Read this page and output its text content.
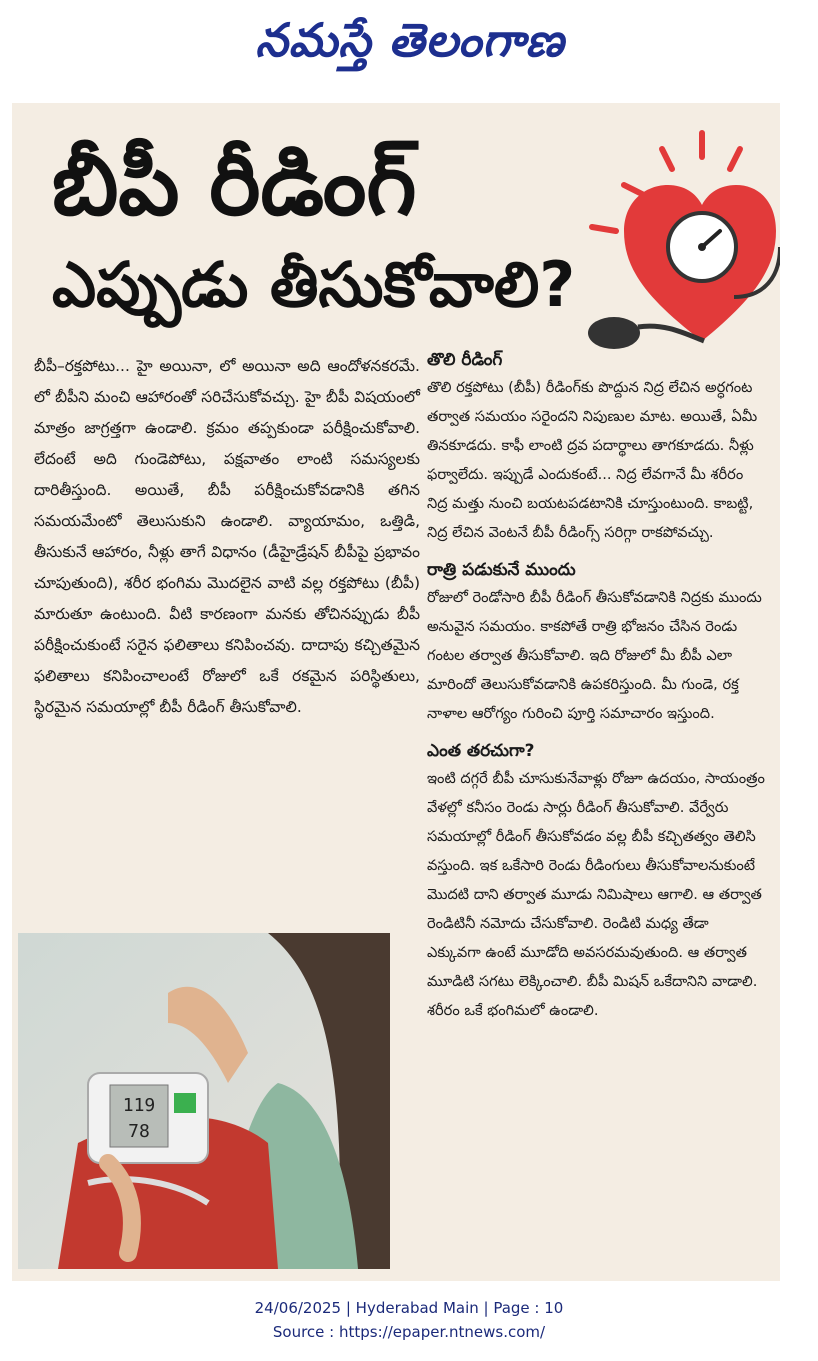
నమస్తే తెలంగాణ
బీపీ రీడింగ్
ఎప్పుడు తీసుకోవాలి?

బీపీ–రక్తపోటు... హై అయినా, లో అయినా అది ఆందోళనకరమే. లో బీపీని మంచి ఆహారంతో సరిచేసుకోవచ్చు. హై బీపీ విషయంలో మాత్రం జాగ్రత్తగా ఉండాలి. క్రమం తప్పకుండా పరీక్షించుకోవాలి. లేదంటే అది గుండెపోటు, పక్షవాతం లాంటి సమస్యలకు దారితీస్తుంది. అయితే, బీపీ పరీక్షించుకోవడానికి తగిన సమయమేంటో తెలుసుకుని ఉండాలి. వ్యాయామం, ఒత్తిడి, తీసుకునే ఆహారం, నీళ్లు తాగే విధానం (డీహైడ్రేషన్ బీపీపై ప్రభావం చూపుతుంది), శరీర భంగిమ మొదలైన వాటి వల్ల రక్తపోటు (బీపీ) మారుతూ ఉంటుంది. వీటి కారణంగా మనకు తోచినప్పుడు బీపీ పరీక్షించుకుంటే సరైన ఫలితాలు కనిపించవు. దాదాపు కచ్చితమైన ఫలితాలు కనిపించాలంటే రోజులో ఒకే రకమైన పరిస్థితులు, స్థిరమైన సమయాల్లో బీపీ రీడింగ్ తీసుకోవాలి.

119
78
తొలి రీడింగ్

తొలి రక్తపోటు (బీపీ) రీడింగ్‌కు పొద్దున నిద్ర లేచిన అర్ధగంట తర్వాత సమయం సరైందని నిపుణుల మాట. అయితే, ఏమీ తినకూడదు. కాఫీ లాంటి ద్రవ పదార్థాలు తాగకూడదు. నీళ్లు ఫర్వాలేదు. ఇప్పుడే ఎందుకంటే... నిద్ర లేవగానే మీ శరీరం నిద్ర మత్తు నుంచి బయటపడటానికి చూస్తుంటుంది. కాబట్టి, నిద్ర లేచిన వెంటనే బీపీ రీడింగ్స్ సరిగ్గా రాకపోవచ్చు.

రాత్రి పడుకునే ముందు

రోజులో రెండోసారి బీపీ రీడింగ్ తీసుకోవడానికి నిద్రకు ముందు అనువైన సమయం. కాకపోతే రాత్రి భోజనం చేసిన రెండు గంటల తర్వాత తీసుకోవాలి. ఇది రోజులో మీ బీపీ ఎలా మారిందో తెలుసుకోవడానికి ఉపకరిస్తుంది. మీ గుండె, రక్త నాళాల ఆరోగ్యం గురించి పూర్తి సమాచారం ఇస్తుంది.

ఎంత తరచుగా?

ఇంటి దగ్గరే బీపీ చూసుకునేవాళ్లు రోజూ ఉదయం, సాయంత్రం వేళల్లో కనీసం రెండు సార్లు రీడింగ్ తీసుకోవాలి. వేర్వేరు సమయాల్లో రీడింగ్ తీసుకోవడం వల్ల బీపీ కచ్చితత్వం తెలిసి వస్తుంది. ఇక ఒకేసారి రెండు రీడింగులు తీసుకోవాలనుకుంటే మొదటి దాని తర్వాత మూడు నిమిషాలు ఆగాలి. ఆ తర్వాత రెండిటినీ నమోదు చేసుకోవాలి. రెండిటి మధ్య తేడా ఎక్కువగా ఉంటే మూడోది అవసరమవుతుంది. ఆ తర్వాత మూడిటి సగటు లెక్కించాలి. బీపీ మిషన్ ఒకేదానిని వాడాలి. శరీరం ఒకే భంగిమలో ఉండాలి.

24/06/2025 | Hyderabad Main | Page : 10
Source : https://epaper.ntnews.com/
